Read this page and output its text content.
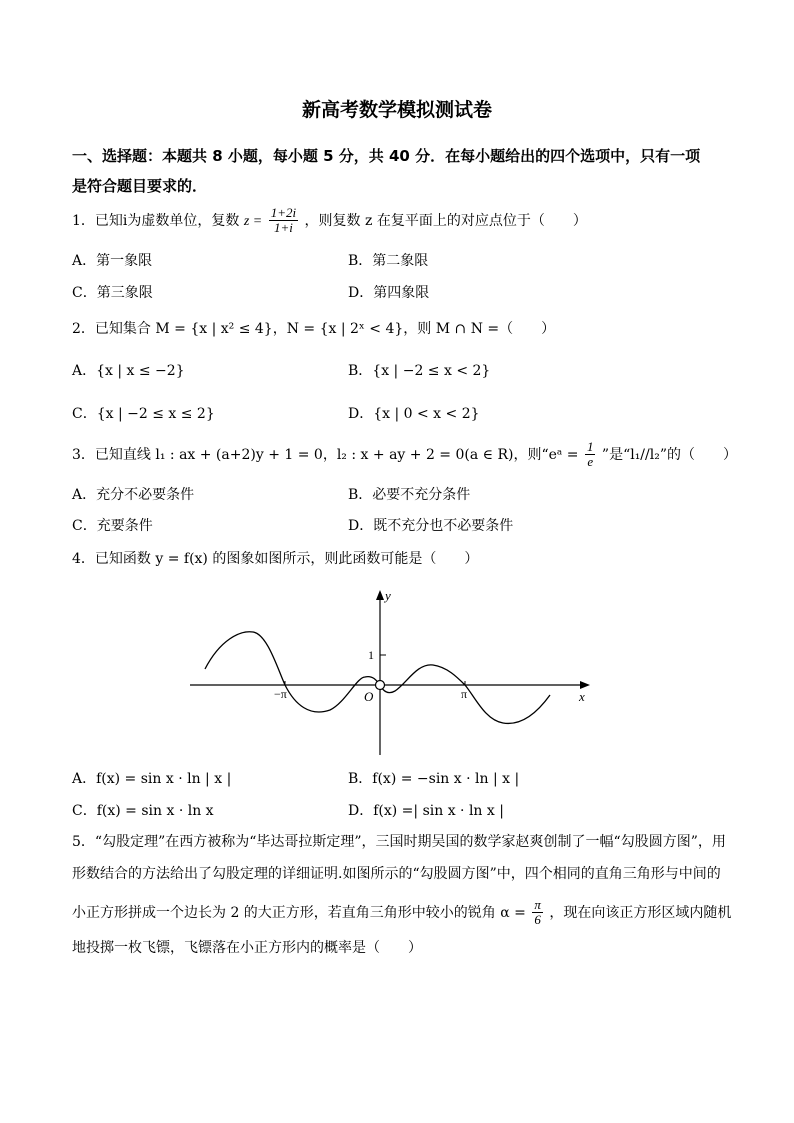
新高考数学模拟测试卷
一、选择题：本题共 8 小题，每小题 5 分，共 40 分．在每小题给出的四个选项中，只有一项
是符合题目要求的．
1．已知i为虚数单位，复数 $z = \frac{1+2i}{1+i}$ ，则复数 z 在复平面上的对应点位于（　　）
A．第一象限	B．第二象限
C．第三象限	D．第四象限
2．已知集合 M = {x | x² ≤ 4}，N = {x | 2ˣ < 4}，则 M ∩ N =（　　）
A．{x | x ≤ −2}	B．{x | −2 ≤ x < 2}
C．{x | −2 ≤ x ≤ 2}	D．{x | 0 < x < 2}
3．已知直线 l₁ : ax + (a+2)y + 1 = 0，l₂ : x + ay + 2 = 0(a ∈ R)，则“eᵃ = $\frac{1}{e}$ ”是“l₁//l₂”的（　　）
A．充分不必要条件	B．必要不充分条件
C．充要条件	D．既不充分也不必要条件
4．已知函数 y = f(x) 的图象如图所示，则此函数可能是（　　）
y
x
1
O
−π	π
A．f(x) = sin x · ln | x |	B．f(x) = −sin x · ln | x |
C．f(x) = sin x · ln x	D．f(x) =| sin x · ln x |
5．“勾股定理”在西方被称为“毕达哥拉斯定理”，三国时期吴国的数学家赵爽创制了一幅“勾股圆方图”，用
形数结合的方法给出了勾股定理的详细证明.如图所示的“勾股圆方图”中，四个相同的直角三角形与中间的
小正方形拼成一个边长为 2 的大正方形，若直角三角形中较小的锐角 $\alpha = \frac{\pi}{6}$ ，现在向该正方形区域内随机
地投掷一枚飞镖，飞镖落在小正方形内的概率是（　　）
